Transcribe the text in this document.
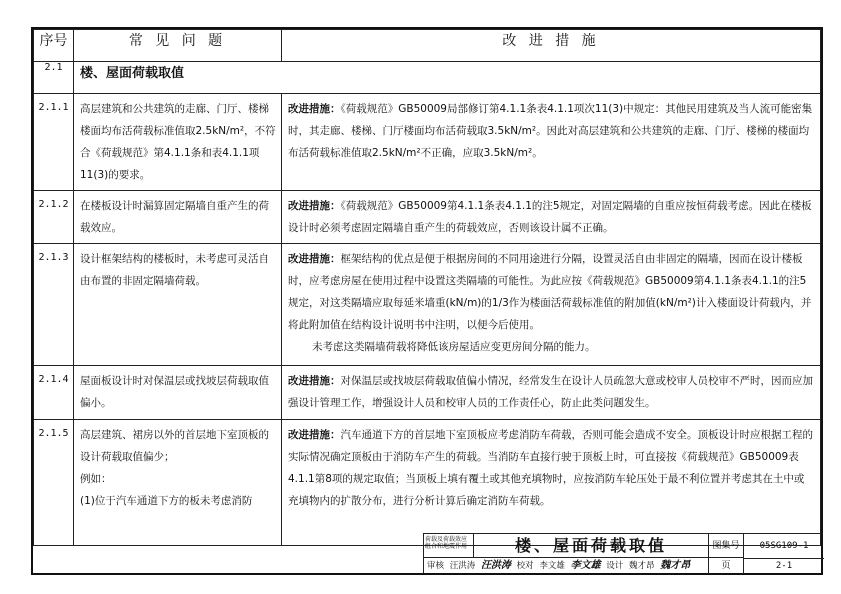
序号	常 见 问 题	改 进 措 施
2.1	楼、屋面荷载取值	
2.1.1	高层建筑和公共建筑的走廊、门厅、楼梯楼面均布活荷载标准值取2.5kN/m²，不符合《荷载规范》第4.1.1条和表4.1.1项11(3)的要求。	改进措施：《荷载规范》GB50009局部修订第4.1.1条表4.1.1项次11(3)中规定：其他民用建筑及当人流可能密集时，其走廊、楼梯、门厅楼面均布活荷载取3.5kN/m²。因此对高层建筑和公共建筑的走廊、门厅、楼梯的楼面均布活荷载标准值取2.5kN/m²不正确，应取3.5kN/m²。
2.1.2	在楼板设计时漏算固定隔墙自重产生的荷载效应。	改进措施：《荷载规范》GB50009第4.1.1条表4.1.1的注5规定，对固定隔墙的自重应按恒荷载考虑。因此在楼板设计时必须考虑固定隔墙自重产生的荷载效应，否则该设计属不正确。
2.1.3	设计框架结构的楼板时，未考虑可灵活自由布置的非固定隔墙荷载。	改进措施：框架结构的优点是便于根据房间的不同用途进行分隔，设置灵活自由非固定的隔墙，因而在设计楼板时，应考虑房屋在使用过程中设置这类隔墙的可能性。为此应按《荷载规范》GB50009第4.1.1条表4.1.1的注5规定，对这类隔墙应取每延米墙重(kN/m)的1/3作为楼面活荷载标准值的附加值(kN/m²)计入楼面设计荷载内，并将此附加值在结构设计说明书中注明，以便今后使用。
未考虑这类隔墙荷载将降低该房屋适应变更房间分隔的能力。

2.1.4	屋面板设计时对保温层或找坡层荷载取值偏小。	改进措施：对保温层或找坡层荷载取值偏小情况，经常发生在设计人员疏忽大意或校审人员校审不严时，因而应加强设计管理工作，增强设计人员和校审人员的工作责任心，防止此类问题发生。
2.1.5	高层建筑、裙房以外的首层地下室顶板的设计荷载取值偏少；
例如：
(1)位于汽车通道下方的板未考虑消防	改进措施：汽车通道下方的首层地下室顶板应考虑消防车荷载，否则可能会造成不安全。顶板设计时应根据工程的实际情况确定顶板由于消防车产生的荷载。当消防车直接行驶于顶板上时，可直接按《荷载规范》GB50009表4.1.1第8项的规定取值；当顶板上填有覆土或其他充填物时，应按消防车轮压处于最不利位置并考虑其在土中或充填物内的扩散分布，进行分析计算后确定消防车荷载。
荷载及荷载效应组合和地震作用	楼、屋面荷载取值	图集号	05SG109-1
审核 汪洪涛 汪洪涛 校对 李文雄 李文雄 设计 魏才昂 魏才昂	页	2-1
